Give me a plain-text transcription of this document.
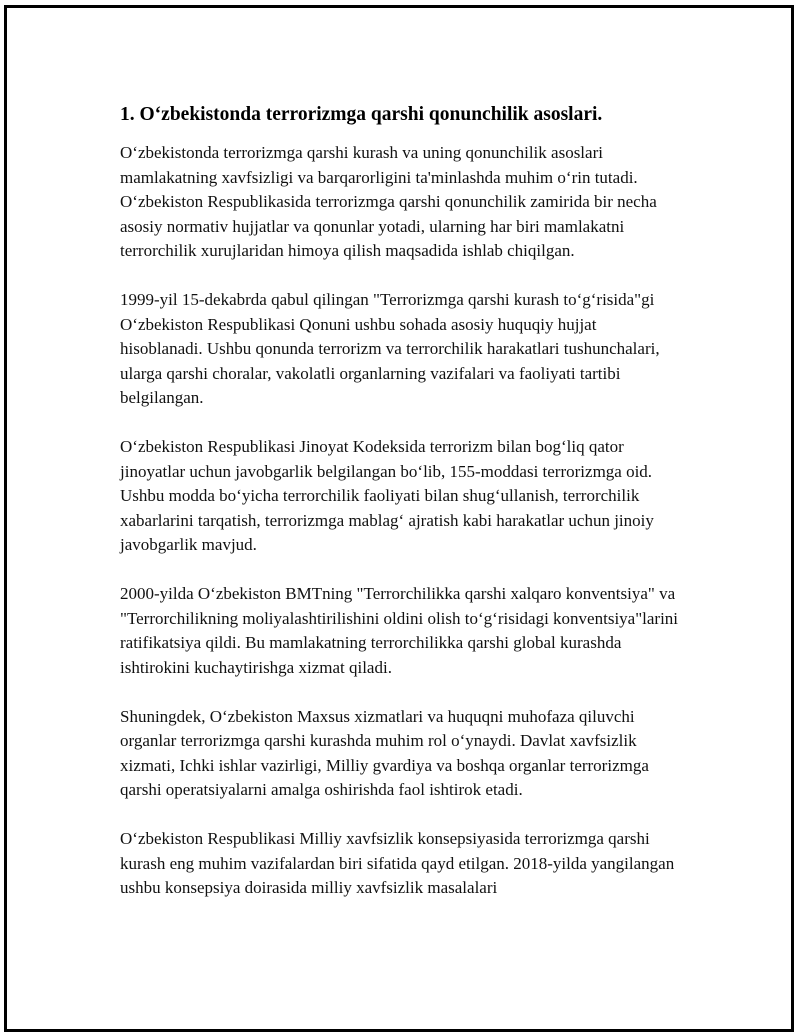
1. O‘zbekistonda terrorizmga qarshi qonunchilik asoslari.

O‘zbekistonda terrorizmga qarshi kurash va uning qonunchilik asoslari mamlakatning xavfsizligi va barqarorligini ta'minlashda muhim o‘rin tutadi. O‘zbekiston Respublikasida terrorizmga qarshi qonunchilik zamirida bir necha asosiy normativ hujjatlar va qonunlar yotadi, ularning har biri mamlakatni terrorchilik xurujlaridan himoya qilish maqsadida ishlab chiqilgan.

1999-yil 15-dekabrda qabul qilingan "Terrorizmga qarshi kurash to‘g‘risida"gi O‘zbekiston Respublikasi Qonuni ushbu sohada asosiy huquqiy hujjat hisoblanadi. Ushbu qonunda terrorizm va terrorchilik harakatlari tushunchalari, ularga qarshi choralar, vakolatli organlarning vazifalari va faoliyati tartibi belgilangan.

O‘zbekiston Respublikasi Jinoyat Kodeksida terrorizm bilan bog‘liq qator jinoyatlar uchun javobgarlik belgilangan bo‘lib, 155-moddasi terrorizmga oid. Ushbu modda bo‘yicha terrorchilik faoliyati bilan shug‘ullanish, terrorchilik xabarlarini tarqatish, terrorizmga mablag‘ ajratish kabi harakatlar uchun jinoiy javobgarlik mavjud.

2000-yilda O‘zbekiston BMTning "Terrorchilikka qarshi xalqaro konventsiya" va "Terrorchilikning moliyalashtirilishini oldini olish to‘g‘risidagi konventsiya"larini ratifikatsiya qildi. Bu mamlakatning terrorchilikka qarshi global kurashda ishtirokini kuchaytirishga xizmat qiladi.

Shuningdek, O‘zbekiston Maxsus xizmatlari va huquqni muhofaza qiluvchi organlar terrorizmga qarshi kurashda muhim rol o‘ynaydi. Davlat xavfsizlik xizmati, Ichki ishlar vazirligi, Milliy gvardiya va boshqa organlar terrorizmga qarshi operatsiyalarni amalga oshirishda faol ishtirok etadi.

O‘zbekiston Respublikasi Milliy xavfsizlik konsepsiyasida terrorizmga qarshi kurash eng muhim vazifalardan biri sifatida qayd etilgan. 2018-yilda yangilangan ushbu konsepsiya doirasida milliy xavfsizlik masalalari
